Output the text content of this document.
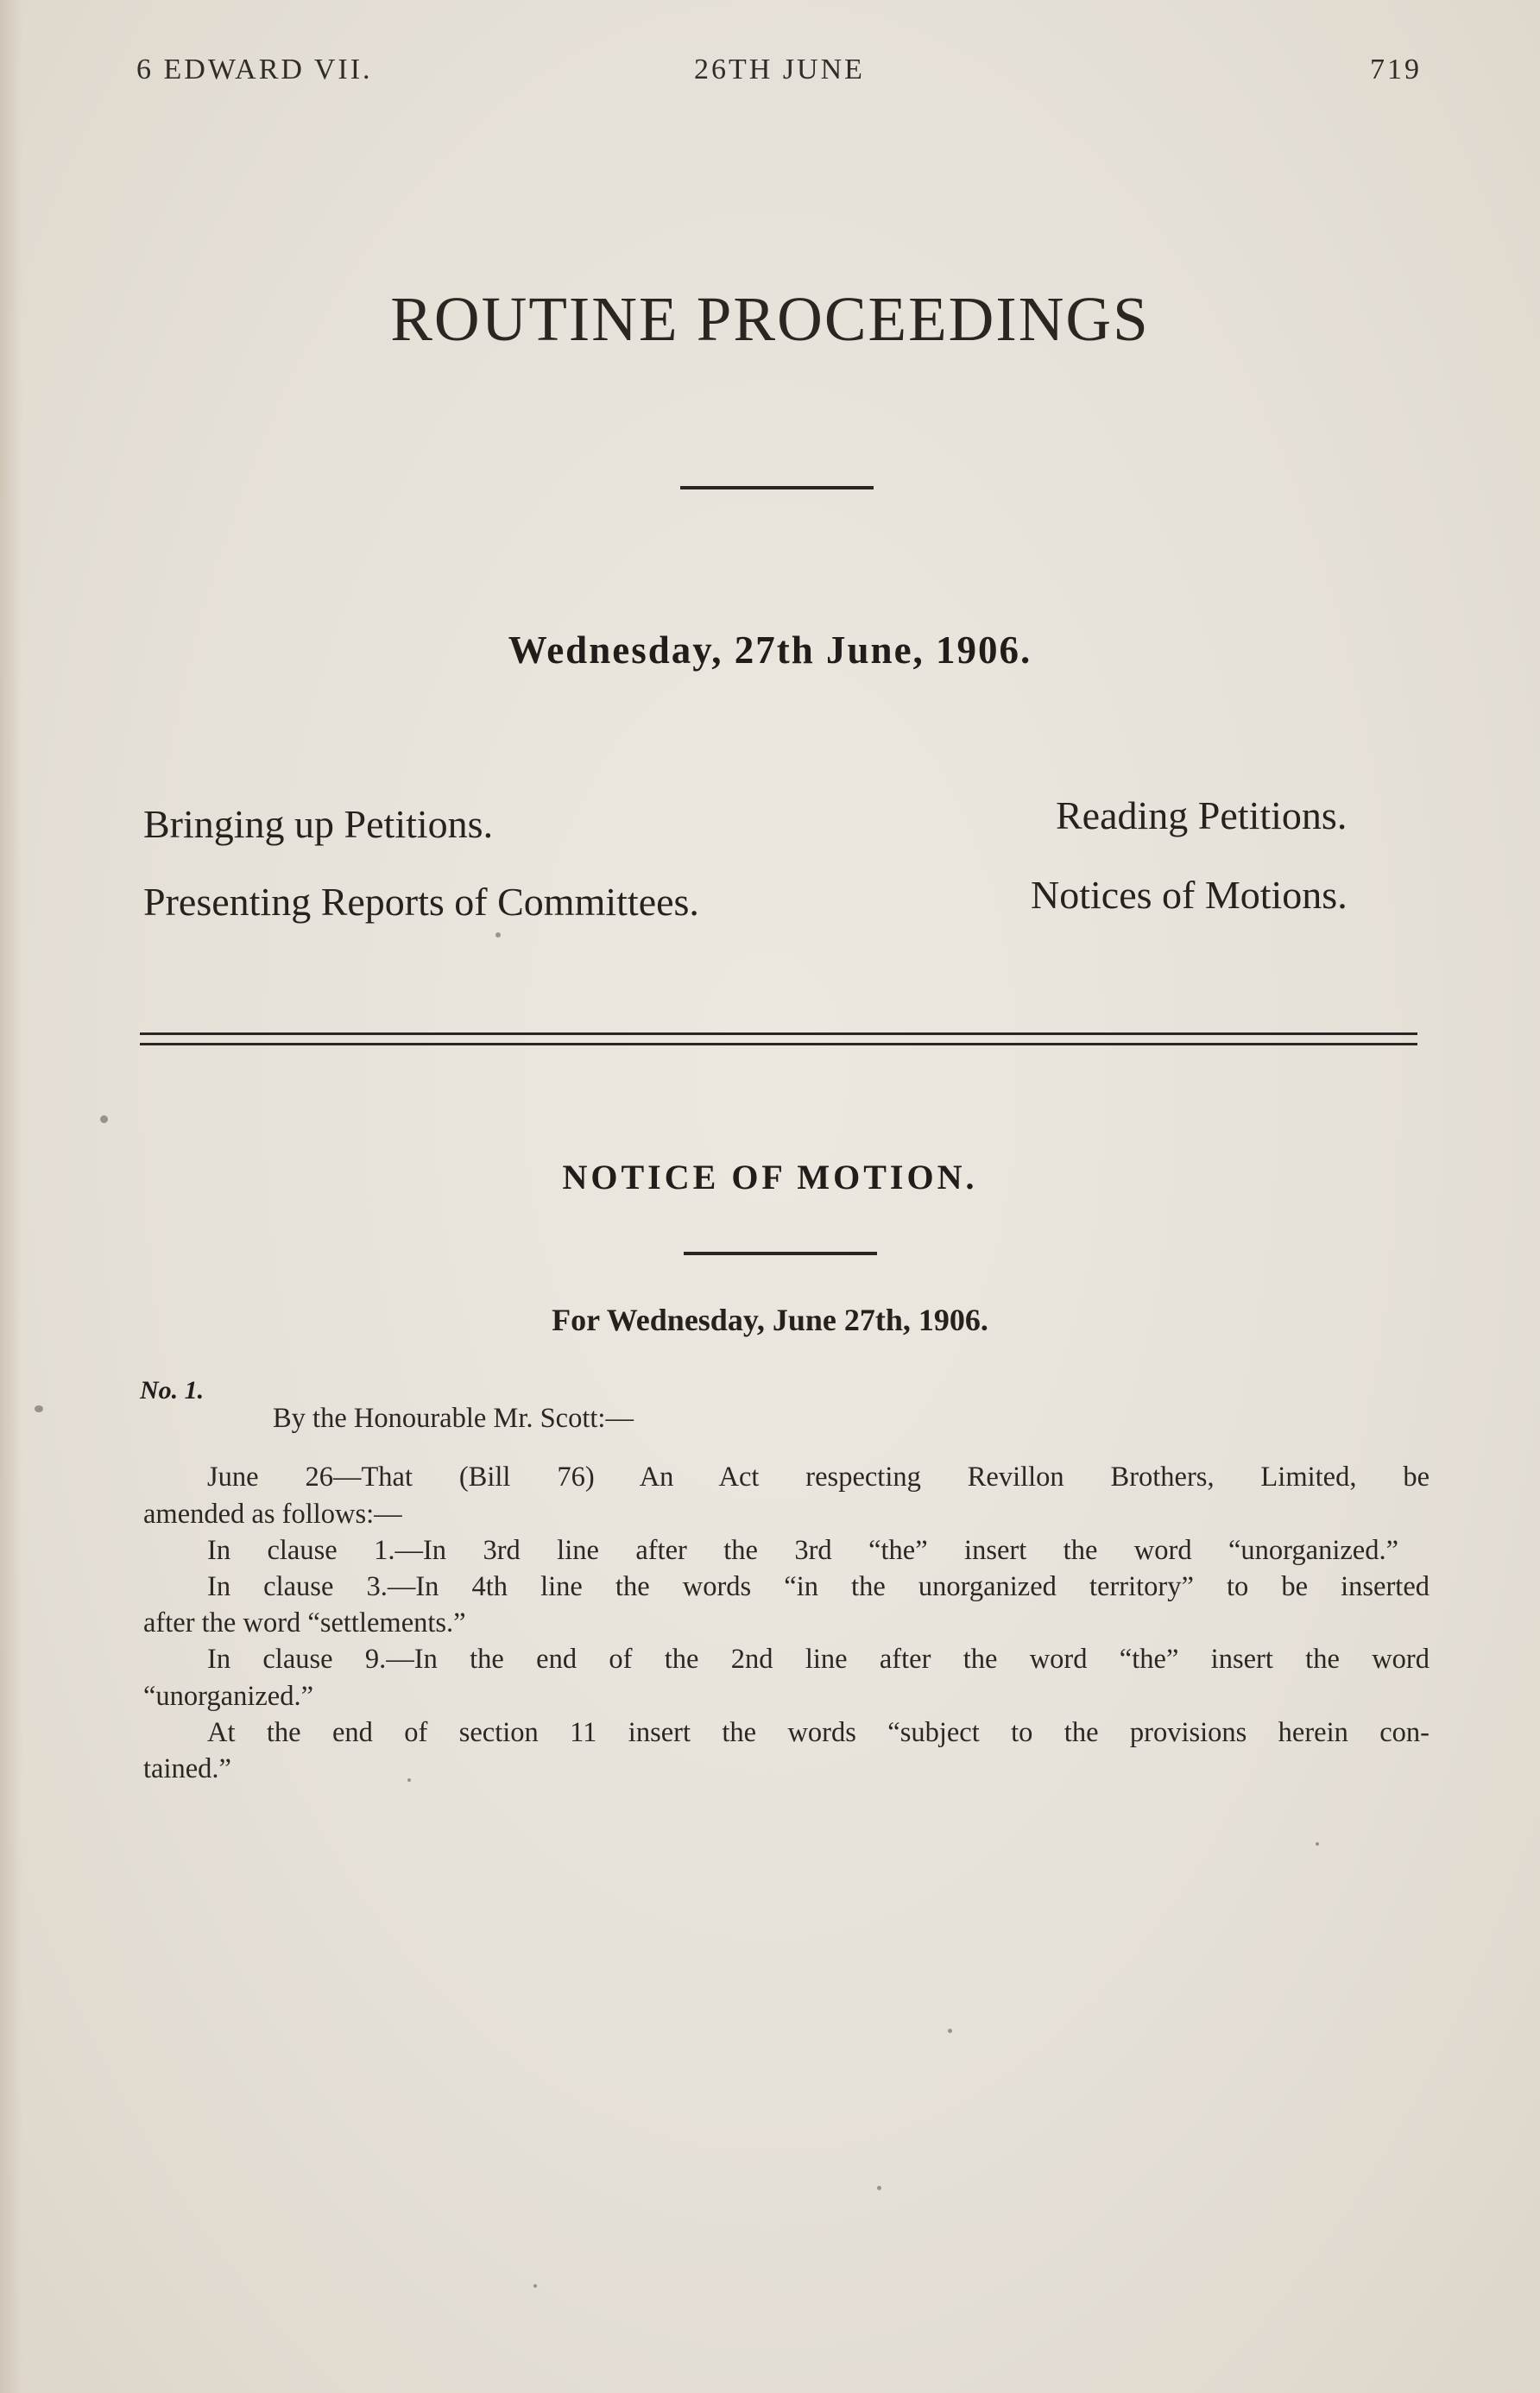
6 EDWARD VII.	26TH JUNE	719
ROUTINE PROCEEDINGS
Wednesday, 27th June, 1906.
Bringing up Petitions.	Reading Petitions.
Presenting Reports of Committees.	Notices of Motions.
NOTICE OF MOTION.
For Wednesday, June 27th, 1906.
No. 1.
By the Honourable Mr. Scott:—
June 26—That (Bill 76) An Act respecting Revillon Brothers, Limited, be
amended as follows:—
In clause 1.—In 3rd line after the 3rd “the” insert the word “unorganized.”
In clause 3.—In 4th line the words “in the unorganized territory” to be inserted
after the word “settlements.”
In clause 9.—In the end of the 2nd line after the word “the” insert the word
“unorganized.”
At the end of section 11 insert the words “subject to the provisions herein con-
tained.”
